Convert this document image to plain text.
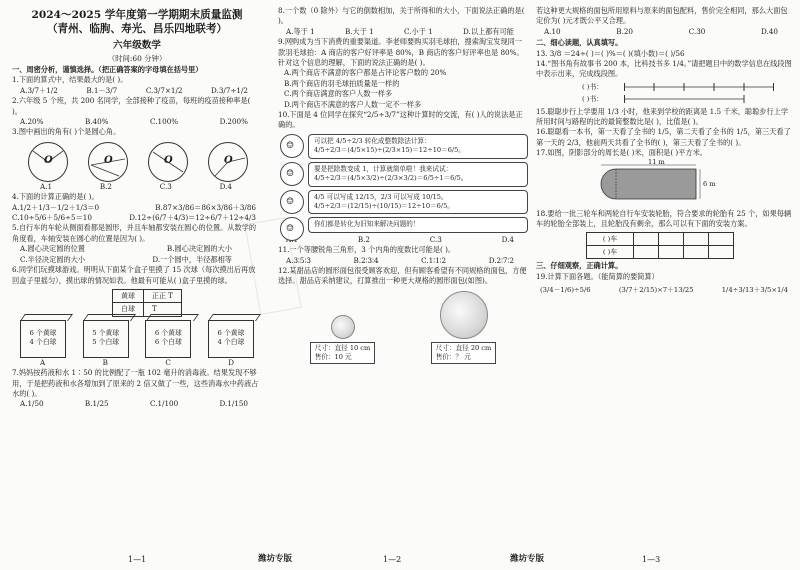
2024～2025 学年度第一学期期末质量监测
（青州、临朐、寿光、昌乐四地联考）
六年级数学
（时间:60 分钟）
一、周密分析，谨慎选择。（把正确答案的字母填在括号里）
1.下面的算式中，结果最大的是( )。
A.3/7＋1/2	B.1－3/7	C.3/7×1/2	D.3/7÷1/2
2.六年级 5 个班，共 200 名同学，全部接种了疫苗，每班的疫苗接种率是( )。
A.20%	B.40%	C.100%	D.200%
3.图中画出的角有( )个是圆心角。
O	O	O	O
A.1	B.2	C.3	D.4
4.下面的计算正确的是( )。
A.1/2＋1/3－1/2＋1/3＝0	B.87×3/86＝86×3/86＋3/86
C.10÷5/6＋5/6÷5＝10	D.12÷(6/7＋4/3)＝12÷6/7＋12÷4/3
5.自行车的车轮从侧面看都是圆形，并且车轴都安装在圆心的位置。从数学的角度看，车轴安装在圆心的位置是因为( )。
A.圆心决定圆的位置	B.圆心决定圆的大小
C.半径决定圆的大小	D.一个圆中，半径都相等
6.同学们玩摸球游戏。明明从下面某个盒子里摸了 15 次球（每次摸出后再放回盒子里摇匀），摸出球的情况如表。他最有可能从( )盒子里摸的球。
黄球	正正 T
白球	T
6 个黄球
4 个白球
5 个黄球
5 个白球
6 个黄球
6 个白球
6 个黄球
4 个白球
A	B	C	D
7.妈妈按药液和水 1∶50 的比例配了一瓶 102 毫升的消毒液。结果发现不够用，于是把药液和水各增加到了原来的 2 倍又做了一些，这些消毒水中药液占水的( )。
A.1/50	B.1/25	C.1/100	D.1/150
8.一个数（0 除外）与它的倒数相加，关于所得和的大小，下面说法正确的是( )。
A.等于 1	B.大于 1	C.小于 1	D.以上都有可能
9.网购成为当下消费的重要渠道。李老师要购买羽毛球拍，搜索淘宝发现同一款羽毛球拍：A 商店的客户好评率是 80%，B 商店的客户好评率也是 80%。针对这个信息的理解，下面的说法正确的是( )。
A.两个商店不满意的客户都是占评论客户数的 20%
B.两个商店的羽毛球拍质量是一样的
C.两个商店满意的客户人数一样多
D.两个商店不满意的客户人数一定不一样多
10.下面是 4 位同学在探究“2/5÷3/7”这种计算时的交流，有( )人的说法是正确的。
☺	可以把 4/5÷2/3 转化成整数除法计算：
4/5÷2/3＝(4/5×15)÷(2/3×15)＝12÷10＝6/5。
☺	要是把除数变成 1，计算就简单啦！我来试试：
4/5÷2/3＝(4/5×3/2)÷(2/3×3/2)＝6/5÷1＝6/5。
☺	4/5 可以写成 12/15，2/3 可以写成 10/15。
4/5÷2/3＝(12/15)÷(10/15)＝12÷10＝6/5。
☺	你们都是转化为旧知来解决问题的！
B.2	C.3	D.4
11.一个等腰锐角三角形，3 个内角的度数比可能是( )。
A.3∶5∶3	B.2∶3∶4	C.1∶1∶2	D.2∶7∶2
12.某甜品店的圆形面包很受顾客欢迎，但有顾客希望有不同规格的面包，方便选择。甜品店采纳建议，打算推出一种更大规格的圆形面包(如图)。
尺寸：直径 10 cm
售价：10 元
尺寸：直径 20 cm
售价：？ 元
若这种更大规格的面包所用原料与原来的面包配料，售价完全相同，那么大面包定价为( )元才既公平又合理。
A.10	B.20	C.30	D.40
二、细心读题，认真填写。
13. 3/8 ＝24÷( )＝( )%＝( )(填小数)＝( )/56
14.“图书角有故事书 200 本，比科技书多 1/4。”请把题目中的数学信息在线段图中表示出来，完成线段图。
( )书：
( )书：
15.聪聪步行上学要用 1/3 小时，他来到学校的距离是 1.5 千米，聪聪步行上学所用时间与路程的比的最简整数比是( )，比值是( )。
16.聪聪看一本书，第一天看了全书的 1/5，第二天看了全书的 1/5，第三天看了第一天的 2/3，他前两天共看了全书的( )，第三天看了全书的( )。
17.如图，阴影部分的周长是( )米，面积是( )平方米。
11 m
6 m
18.要给一批三轮车和两轮自行车安装轮胎，符合要求的轮胎有 25 个，如果每辆车的轮胎全部装上，且轮胎没有剩余，那么可以有下面的安装方案。
( )车				
( )车				
三、仔细观察，正确计算。
19.计算下面各题。（能简算的要简算）
(3/4－1/6)÷5/6	(3/7＋2/15)×7＋13/25	1/4÷3/13＋3/5×1/4
1—1	潍坊专版	1—2	潍坊专版	1—3
